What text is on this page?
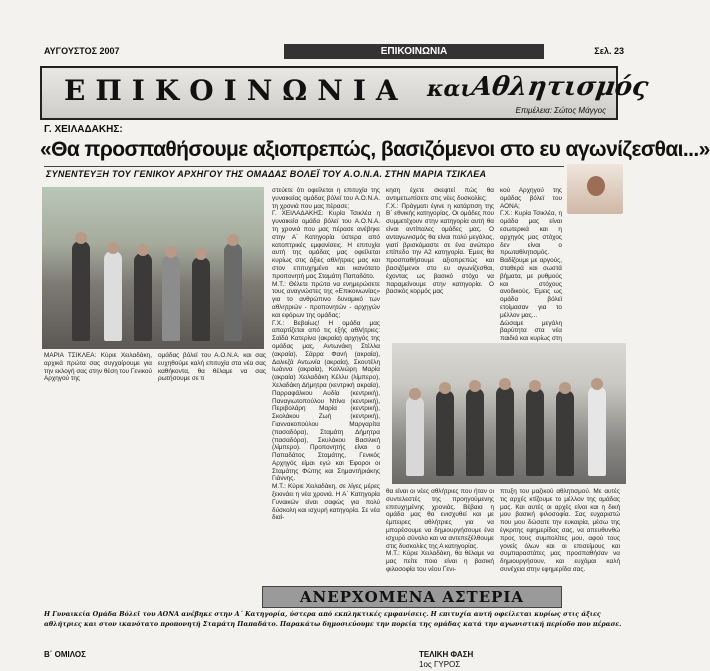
ΑΥΓΟΥΣΤΟΣ 2007	ΕΠΙΚΟΙΝΩΝΙΑ	Σελ. 23
ΕΠΙΚΟΙΝΩΝΙΑ και
Αθλητισμός
Επιμέλεια: Σώτος Μάγγος
Γ. ΧΕΙΛΑΔΑΚΗΣ:
«Θα προσπαθήσουμε αξιοπρεπώς, βασιζόμενοι στο ευ αγωνίζεσθαι...»
ΣΥΝΕΝΤΕΥΞΗ ΤΟΥ ΓΕΝΙΚΟΥ ΑΡΧΗΓΟΥ ΤΗΣ ΟΜΑΔΑΣ ΒΟΛΕΪ ΤΟΥ Α.Ο.Ν.Α. ΣΤΗΝ ΜΑΡΙΑ ΤΣΙΚΛΕΑ
ΜΑΡΙΑ ΤΣΙΚΛΕΑ: Κύριε Χειλαδάκη, αρχικά πρώτα σας συγχαίρουμε για την εκλογή σας στην θέση του Γενικού Αρχηγού της
ομάδας βόλεϊ του Α.Ο.Ν.Α. και σας ευχηθούμε καλή επιτυχία στα νέα σας καθήκοντα, θα θέλαμε να σας ρωτήσουμε σε τι
στεύετε ότι οφείλεται η επιτυχία της γυναικείας ομάδας βόλεϊ του Α.Ο.Ν.Α. τη χρονιά που μας πέρασε;
Γ. ΧΕΙΛΑΔΑΚΗΣ: Κυρία Τσικλέα η γυναικεία ομάδα βόλεϊ του Α.Ο.Ν.Α. τη χρονιά που μας πέρασε ανέβηκε στην Α΄ Κατηγορία ύστερα από κατοπτρικές εμφανίσεις. Η επιτυχία αυτή της ομάδας μας οφείλεται κυρίως στις άξιες αθλήτριες μας και στον επιτυχημένο και ικανότατο προπονητή μας Σταμάτη Παπαδάτο.
Μ.Τ.: Θέλετε πρώτα να ενημερώσετε τους αναγνώστες της «Επικοινωνίας» για το ανθρώπινο δυναμικό των αθλητριών - προπονητών - αρχηγών και εφόρων της ομάδας;
Γ.Χ.: Βεβαίως! Η ομάδα μας απαρτίζεται από τις εξής αθλήτριες: Σαϊδά Κατερίνα (ακραία) αρχηγός της ομάδας μας, Αντωνάκη Στέλλα (ακραία), Σάρρα Φανή (ακραία), Δαλιεζά Αντωνία (ακραία), Σκουτέλη Ιωάννα (ακραία), Καλλιώρη Μαρία (ακραία) Χειλαδάκη Κέλλυ (λίμπερο), Χελαδάκη Δήμητρα (κεντρική ακραία), Παρραφάλκου Αυδία (κεντρική), Παναγιωτοπούλου Ντίνα (κεντρική), Περιβολάρη Μαρία (κεντρική), Σκολάκου Ζωή (κεντρική), Γιαννακοπούλου Μαργαρίτα (πασαδόρα), Σταμάτη Δήμητρα (πασαδόρα), Σκυλάκου Βασιλική (λίμπερο). Προπονητής είναι ο Παπαδάτος Σταμάτης, Γενικός Αρχηγός είμαι εγώ και Έφοροι οι Σταμάτης Φώτης και Σημαντήριάκης Γιάννης.
Μ.Τ.: Κύριε Χειλαδάκη, σε λίγες μέρες ξεκινάει η νέα χρονιά. Η Α΄ Κατηγορία Γυναικών είναι σαφώς για πολύ δύσκολη και ισχυρή κατηγορία. Σε νέα διαί-
κηση έχετε σκεφτεί πώς θα αντιμετωπίσετε στις νέες δυσκολίες;
Γ.Χ.: Πράγματι έγινε η κατάρτιση της Β΄ εθνικής κατηγορίας. Οι ομάδες που συμμετέχουν στην κατηγορία αυτή θα είναι αντίπαλες ομάδες μας. Ο ανταγωνισμός θα είναι πολύ μεγάλος, γιατί βρισκόμαστε σε ένα ανώτερο επίπεδο την Α2 κατηγορία. Έμεις θα προσπαθήσουμε αξιοπρεπώς και βασιζόμενοι στο ευ αγωνίζεσθαι, έχοντας ως βασικό στόχο να παραμείνουμε στην κατηγορία. Ο βασικός κορμός μας
κού Αρχηγού της ομάδας βόλεϊ του ΑΟΝΑ;
Γ.Χ.: Κυρία Τσικλέα, η ομάδα μας είναι εσωτερικά και η αρχηγός μας στόχος δεν είναι ο πρωταθλητισμός. Βαδίζουμε με αργούς, σταθερά και σωστά βήματα, με ρυθμούς και στόχους ανοδικούς. Έμεις ως ομάδα βόλεϊ ετοίμασαν για το μέλλον μας...
Δώσαμε μεγάλη βαρύτητα στα νέα παιδιά και κυρίως στη
θα είναι οι νέες αθλήτριες που ήταν οι συντελεστές της προηγούμενης επιτυχημένης χρονιάς. Βέβαια η ομάδα μας θα ενισχυθεί και με έμπειρες αθλήτριες για να μπορέσουμε να δημιουργήσουμε ένα ισχυρό σύνολο και να αντεπεξέλθουμε στις δυσκολίες της Α κατηγορίας.
Μ.Τ.: Κύριε Χειλαδάκη, θα θέλαμε να μας πείτε ποιο είναι η βασική φιλοσοφία του νέου Γενι-
πτυξη του μαζικού αθλητισμού. Με αυτές τις αρχές κτίζουμε το μέλλον της ομάδας μας. Και αυτές οι αρχές είναι και η δική μου βασική φιλοσοφία. Σας ευχαριστώ που μου δώσατε την ευκαιρία, μέσω της έγκριτης εφημερίδας σας, να απευθυνθώ προς τους συμπολίτες μου, αφού τους γονείς όλων και οι επισείμους και συμπαραστάτες μας προσπαθήσαν να δημιουργήσουν, και ευχόμαι καλή συνέχεια στην εφημερίδα σας.
ΑΝΕΡΧΟΜΕΝΑ ΑΣΤΕΡΙΑ
Η Γυναικεία Ομάδα Βόλεϊ του ΑΟΝΑ ανέβηκε στην Α΄ Κατηγορία, ύστερα από εκπληκτικές εμφανίσεις. Η επιτυχία αυτή οφείλεται κυρίως στις άξιες αθλήτριες και στον ικανότατο προπονητή Σταμάτη Παπαδάτο. Παρακάτω δημοσιεύουμε την πορεία της ομάδας κατά την αγωνιστική περίοδο που πέρασε.
Β΄ ΟΜΙΛΟΣ	ΤΕΛΙΚΗ ΦΑΣΗ
1ος ΓΥΡΟΣ
